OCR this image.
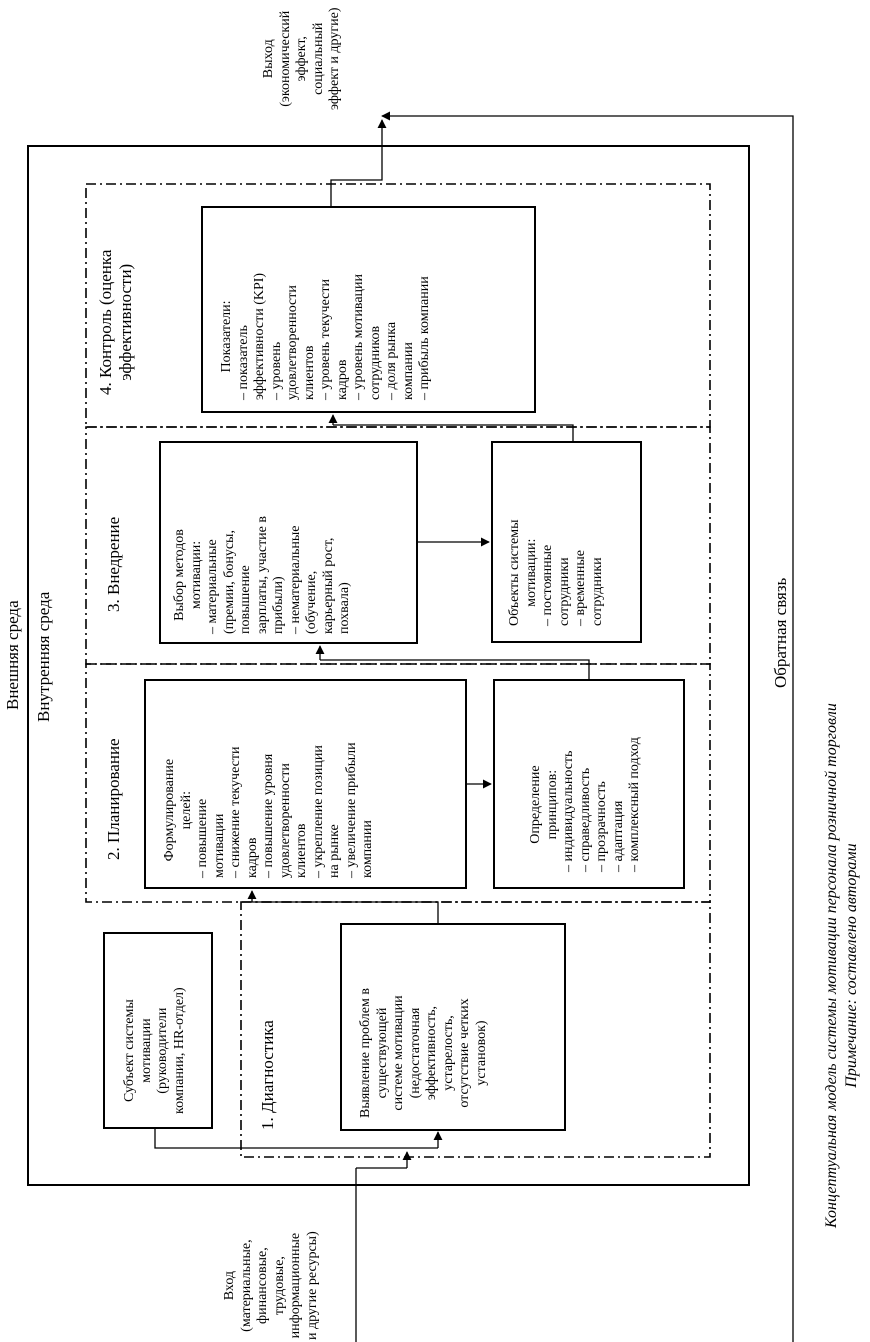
Внешняя среда Внутренняя среда	Обратная связь
Выход (экономический эффект, социальный эффект и другие)
Вход (материальные, финансовые, трудовые, информационные и другие ресурсы)
4. Контроль (оценка эффективности)
3. Внедрение
2. Планирование
1. Диагностика
Показатели: – показатель эффективности (KPI) – уровень удовлетворенности клиентов – уровень текучести кадров – уровень мотивации сотрудников – доля рынка компании – прибыль компании
Выбор методов мотивации: – материальные (премии, бонусы, повышение зарплаты, участие в прибыли) – нематериальные (обучение, карьерный рост, похвала)	Объекты системы мотивации: – постоянные сотрудники – временные сотрудники
Формулирование целей: – повышение мотивации – снижение текучести кадров – повышение уровня удовлетворенности клиентов – укрепление позиции на рынке – увеличение прибыли компании
Определение принципов: – индивидуальность – справедливость – прозрачность – адаптация – комплексный подход
Выявление проблем в существующей системе мотивации (недостаточная эффективность, устарелость, отсутствие четких установок)
Субъект системы мотивации (руководители компании, HR-отдел)	Концептуальная модель системы мотивации персонала розничной торговли Примечание: составлено авторами
